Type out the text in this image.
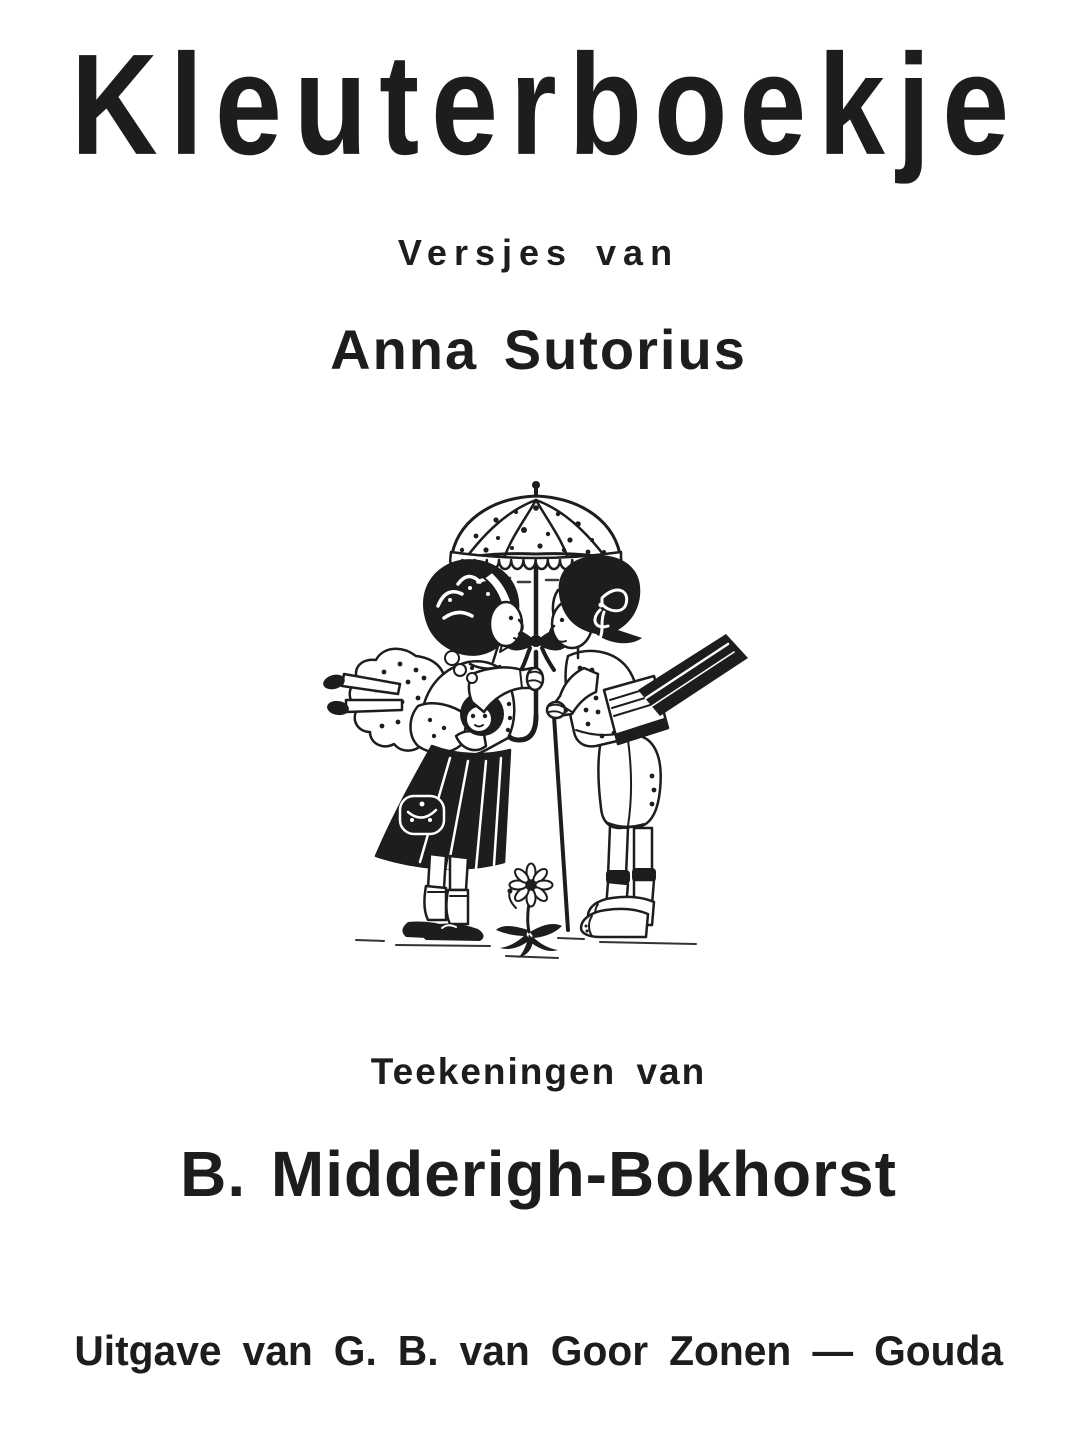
Kleuterboekje
Versjes van
Anna Sutorius
Teekeningen van
B. Midderigh-Bokhorst
Uitgave van G. B. van Goor Zonen — Gouda
